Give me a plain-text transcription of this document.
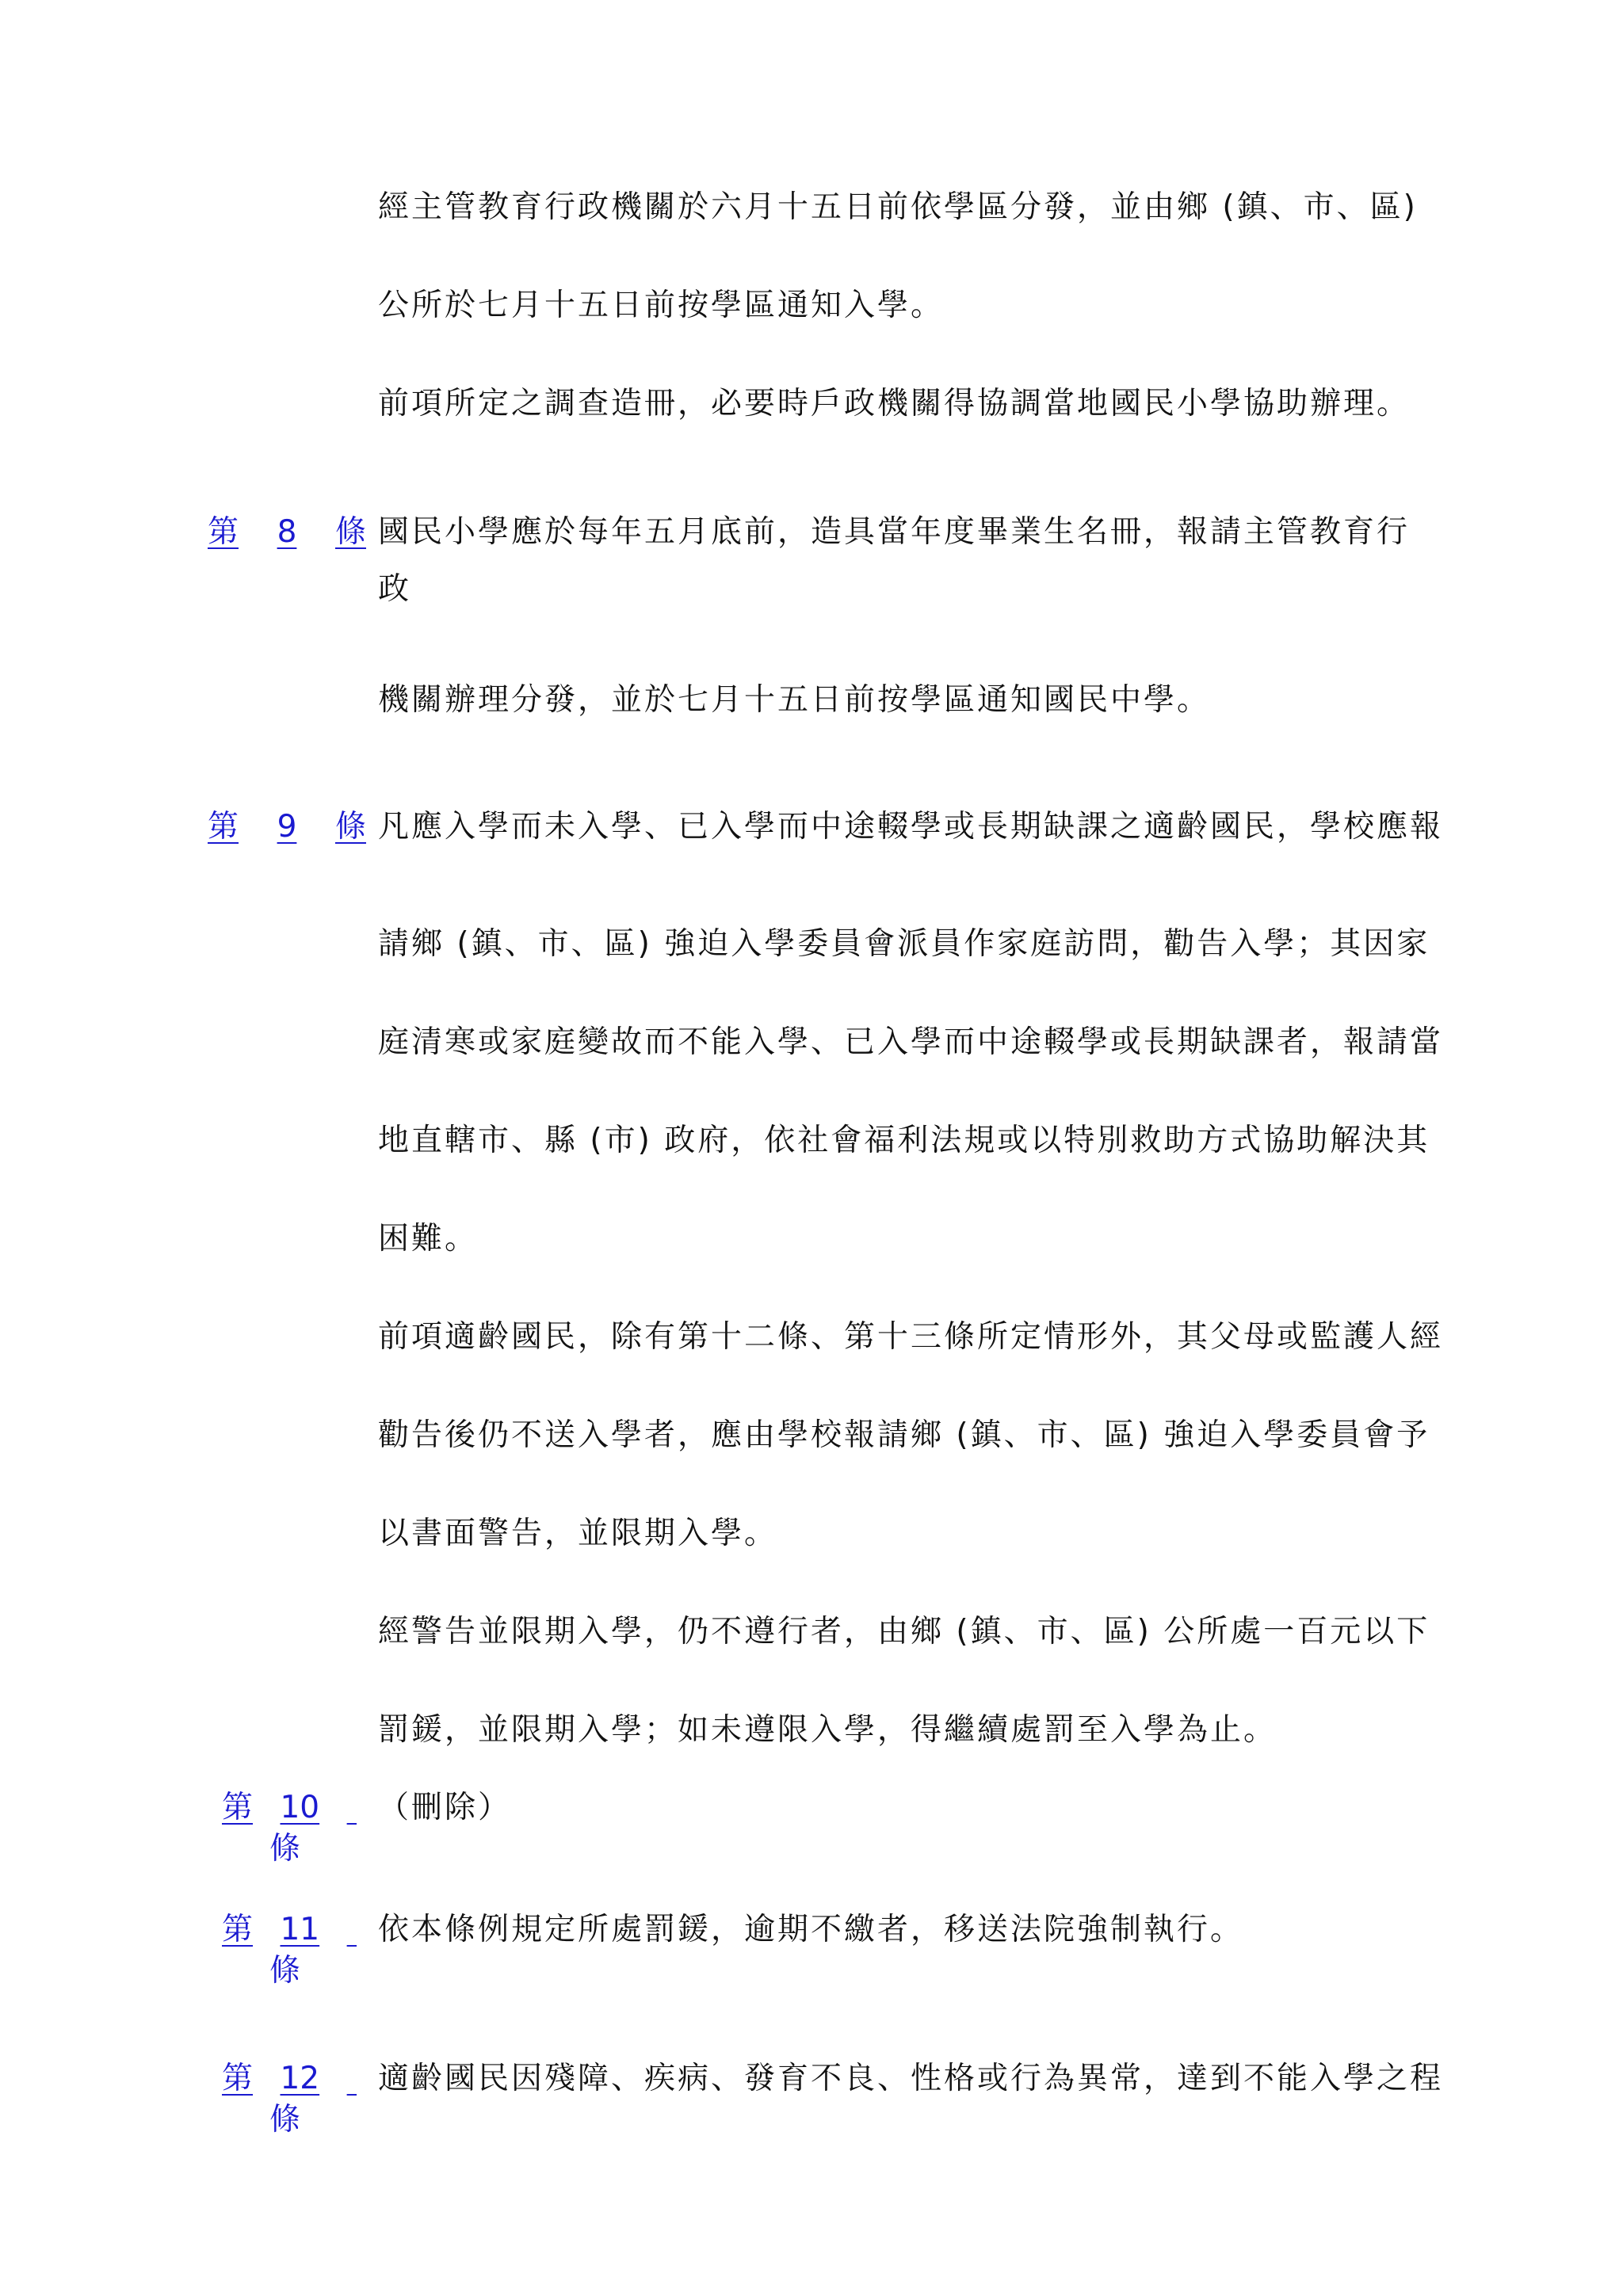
經主管教育行政機關於六月十五日前依學區分發，並由鄉 (鎮、市、區)
公所於七月十五日前按學區通知入學。
前項所定之調查造冊，必要時戶政機關得協調當地國民小學協助辦理。
第 8 條 國民小學應於每年五月底前，造具當年度畢業生名冊，報請主管教育行
政
機關辦理分發，並於七月十五日前按學區通知國民中學。
第 9 條 凡應入學而未入學、已入學而中途輟學或長期缺課之適齡國民，學校應報
請鄉 (鎮、市、區) 強迫入學委員會派員作家庭訪問，勸告入學；其因家
庭清寒或家庭變故而不能入學、已入學而中途輟學或長期缺課者，報請當
地直轄市、縣 (市) 政府，依社會福利法規或以特別救助方式協助解決其
困難。
前項適齡國民，除有第十二條、第十三條所定情形外，其父母或監護人經
勸告後仍不送入學者，應由學校報請鄉 (鎮、市、區) 強迫入學委員會予
以書面警告，並限期入學。
經警告並限期入學，仍不遵行者，由鄉 (鎮、市、區) 公所處一百元以下
罰鍰，並限期入學；如未遵限入學，得繼續處罰至入學為止。
第 10

條
（刪除）
第 11

條
依本條例規定所處罰鍰，逾期不繳者，移送法院強制執行。
第 12

條
適齡國民因殘障、疾病、發育不良、性格或行為異常，達到不能入學之程
